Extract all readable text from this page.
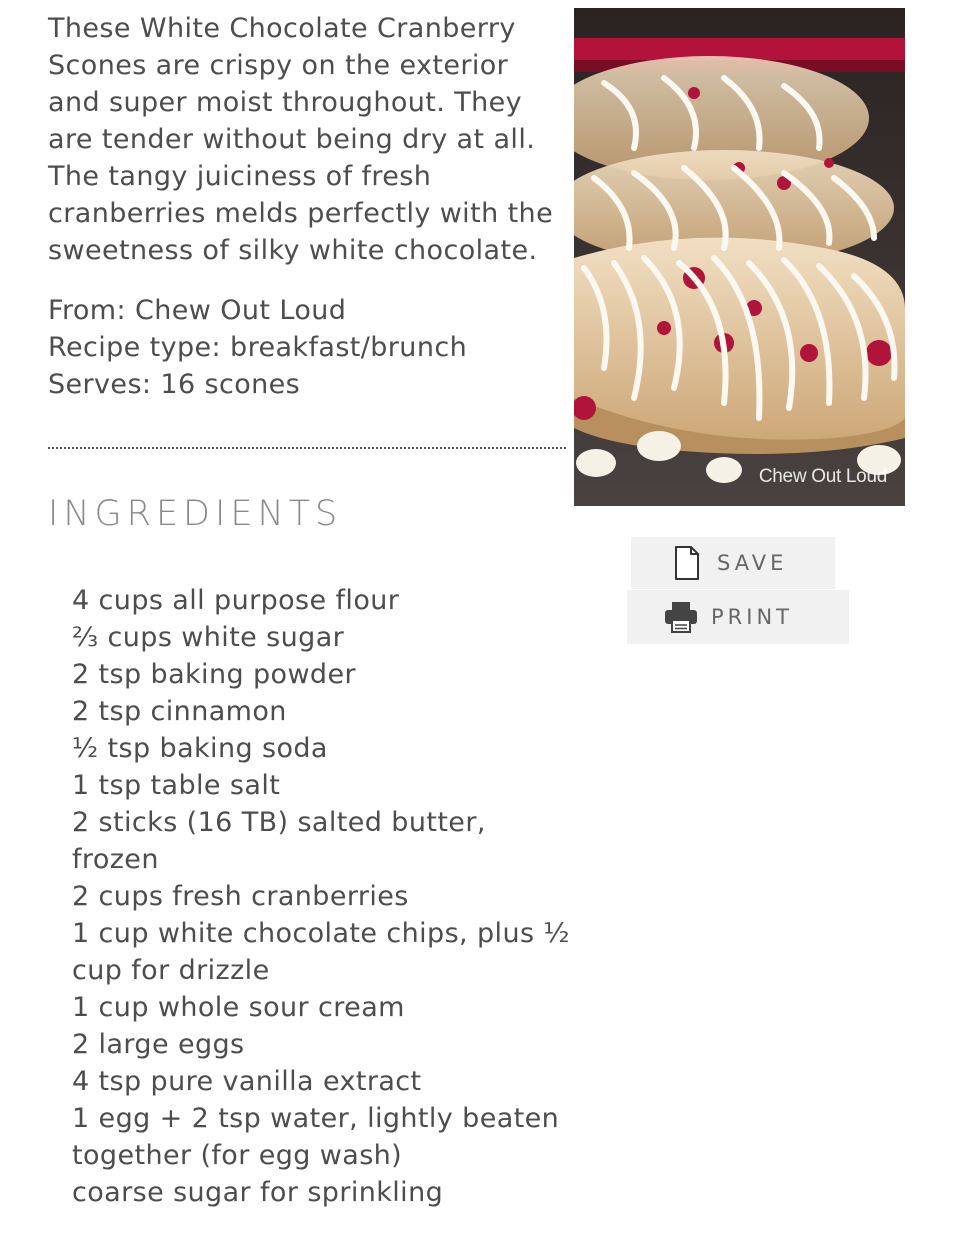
These White Chocolate Cranberry Scones are crispy on the exterior and super moist throughout. They are tender without being dry at all. The tangy juiciness of fresh cranberries melds perfectly with the sweetness of silky white chocolate.

From: Chew Out Loud
Recipe type: breakfast/brunch
Serves: 16 scones
INGREDIENTS
4 cups all purpose flour
⅔ cups white sugar
2 tsp baking powder
2 tsp cinnamon
½ tsp baking soda
1 tsp table salt
2 sticks (16 TB) salted butter, frozen
2 cups fresh cranberries
1 cup white chocolate chips, plus ½ cup for drizzle
1 cup whole sour cream
2 large eggs
4 tsp pure vanilla extract
1 egg + 2 tsp water, lightly beaten together (for egg wash)
coarse sugar for sprinkling
Chew Out Loud
SAVE
PRINT
